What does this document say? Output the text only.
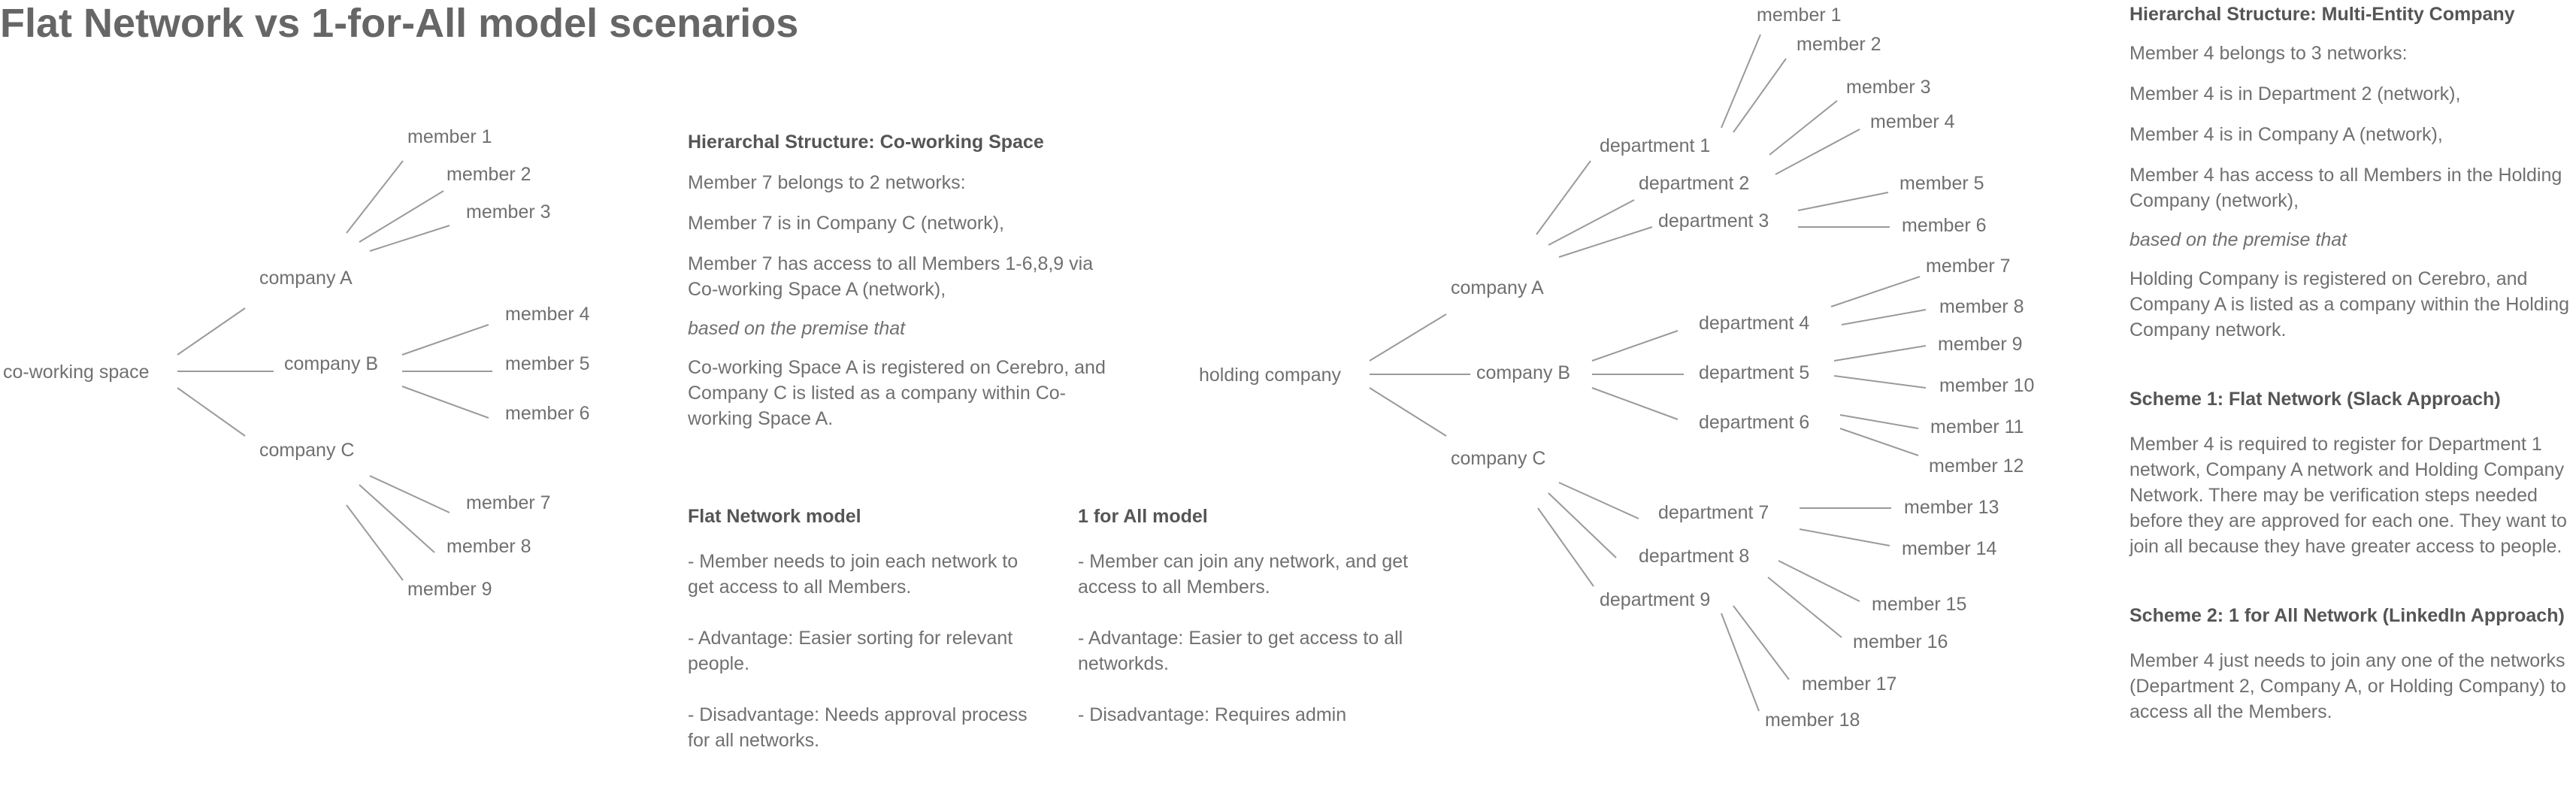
Flat Network vs 1-for-All model scenarios
co-working space
company A
member 1
member 2
member 3
company B
member 4
member 5
member 6
company C
member 7
member 8
member 9
holding company
company A
department 1
member 1
member 2
department 2
member 3
member 4
department 3
member 5
member 6
company B
department 4
member 7
member 8
department 5
member 9
member 10
department 6	member 11
member 12
company C
department 7	member 13
member 14
department 8
member 15
member 16
department 9
member 17
member 18

Hierarchal Structure: Co-working Space

Member 7 belongs to 2 networks:

Member 7 is in Company C (network),

Member 7 has access to all Members 1-6,8,9 via Co-working Space A (network),

based on the premise that

Co-working Space A is registered on Cerebro, and Company C is listed as a company within Co-working Space A.

Flat Network model

- Member needs to join each network to get access to all Members.

- Advantage: Easier sorting for relevant people.

- Disadvantage: Needs approval process for all networks.

1 for All model

- Member can join any network, and get access to all Members.

- Advantage: Easier to get access to all networkds.

- Disadvantage: Requires admin

Hierarchal Structure: Multi-Entity Company

Member 4 belongs to 3 networks:

Member 4 is in Department 2 (network),

Member 4 is in Company A (network),

Member 4 has access to all Members in the Holding Company (network),

based on the premise that

Holding Company is registered on Cerebro, and Company A is listed as a company within the Holding Company network.

Scheme 1: Flat Network (Slack Approach)

Member 4 is required to register for Department 1 network, Company A network and Holding Company Network. There may be verification steps needed before they are approved for each one. They want to join all because they have greater access to people.

Scheme 2: 1 for All Network (LinkedIn Approach)

Member 4 just needs to join any one of the networks (Department 2, Company A, or Holding Company) to access all the Members.
